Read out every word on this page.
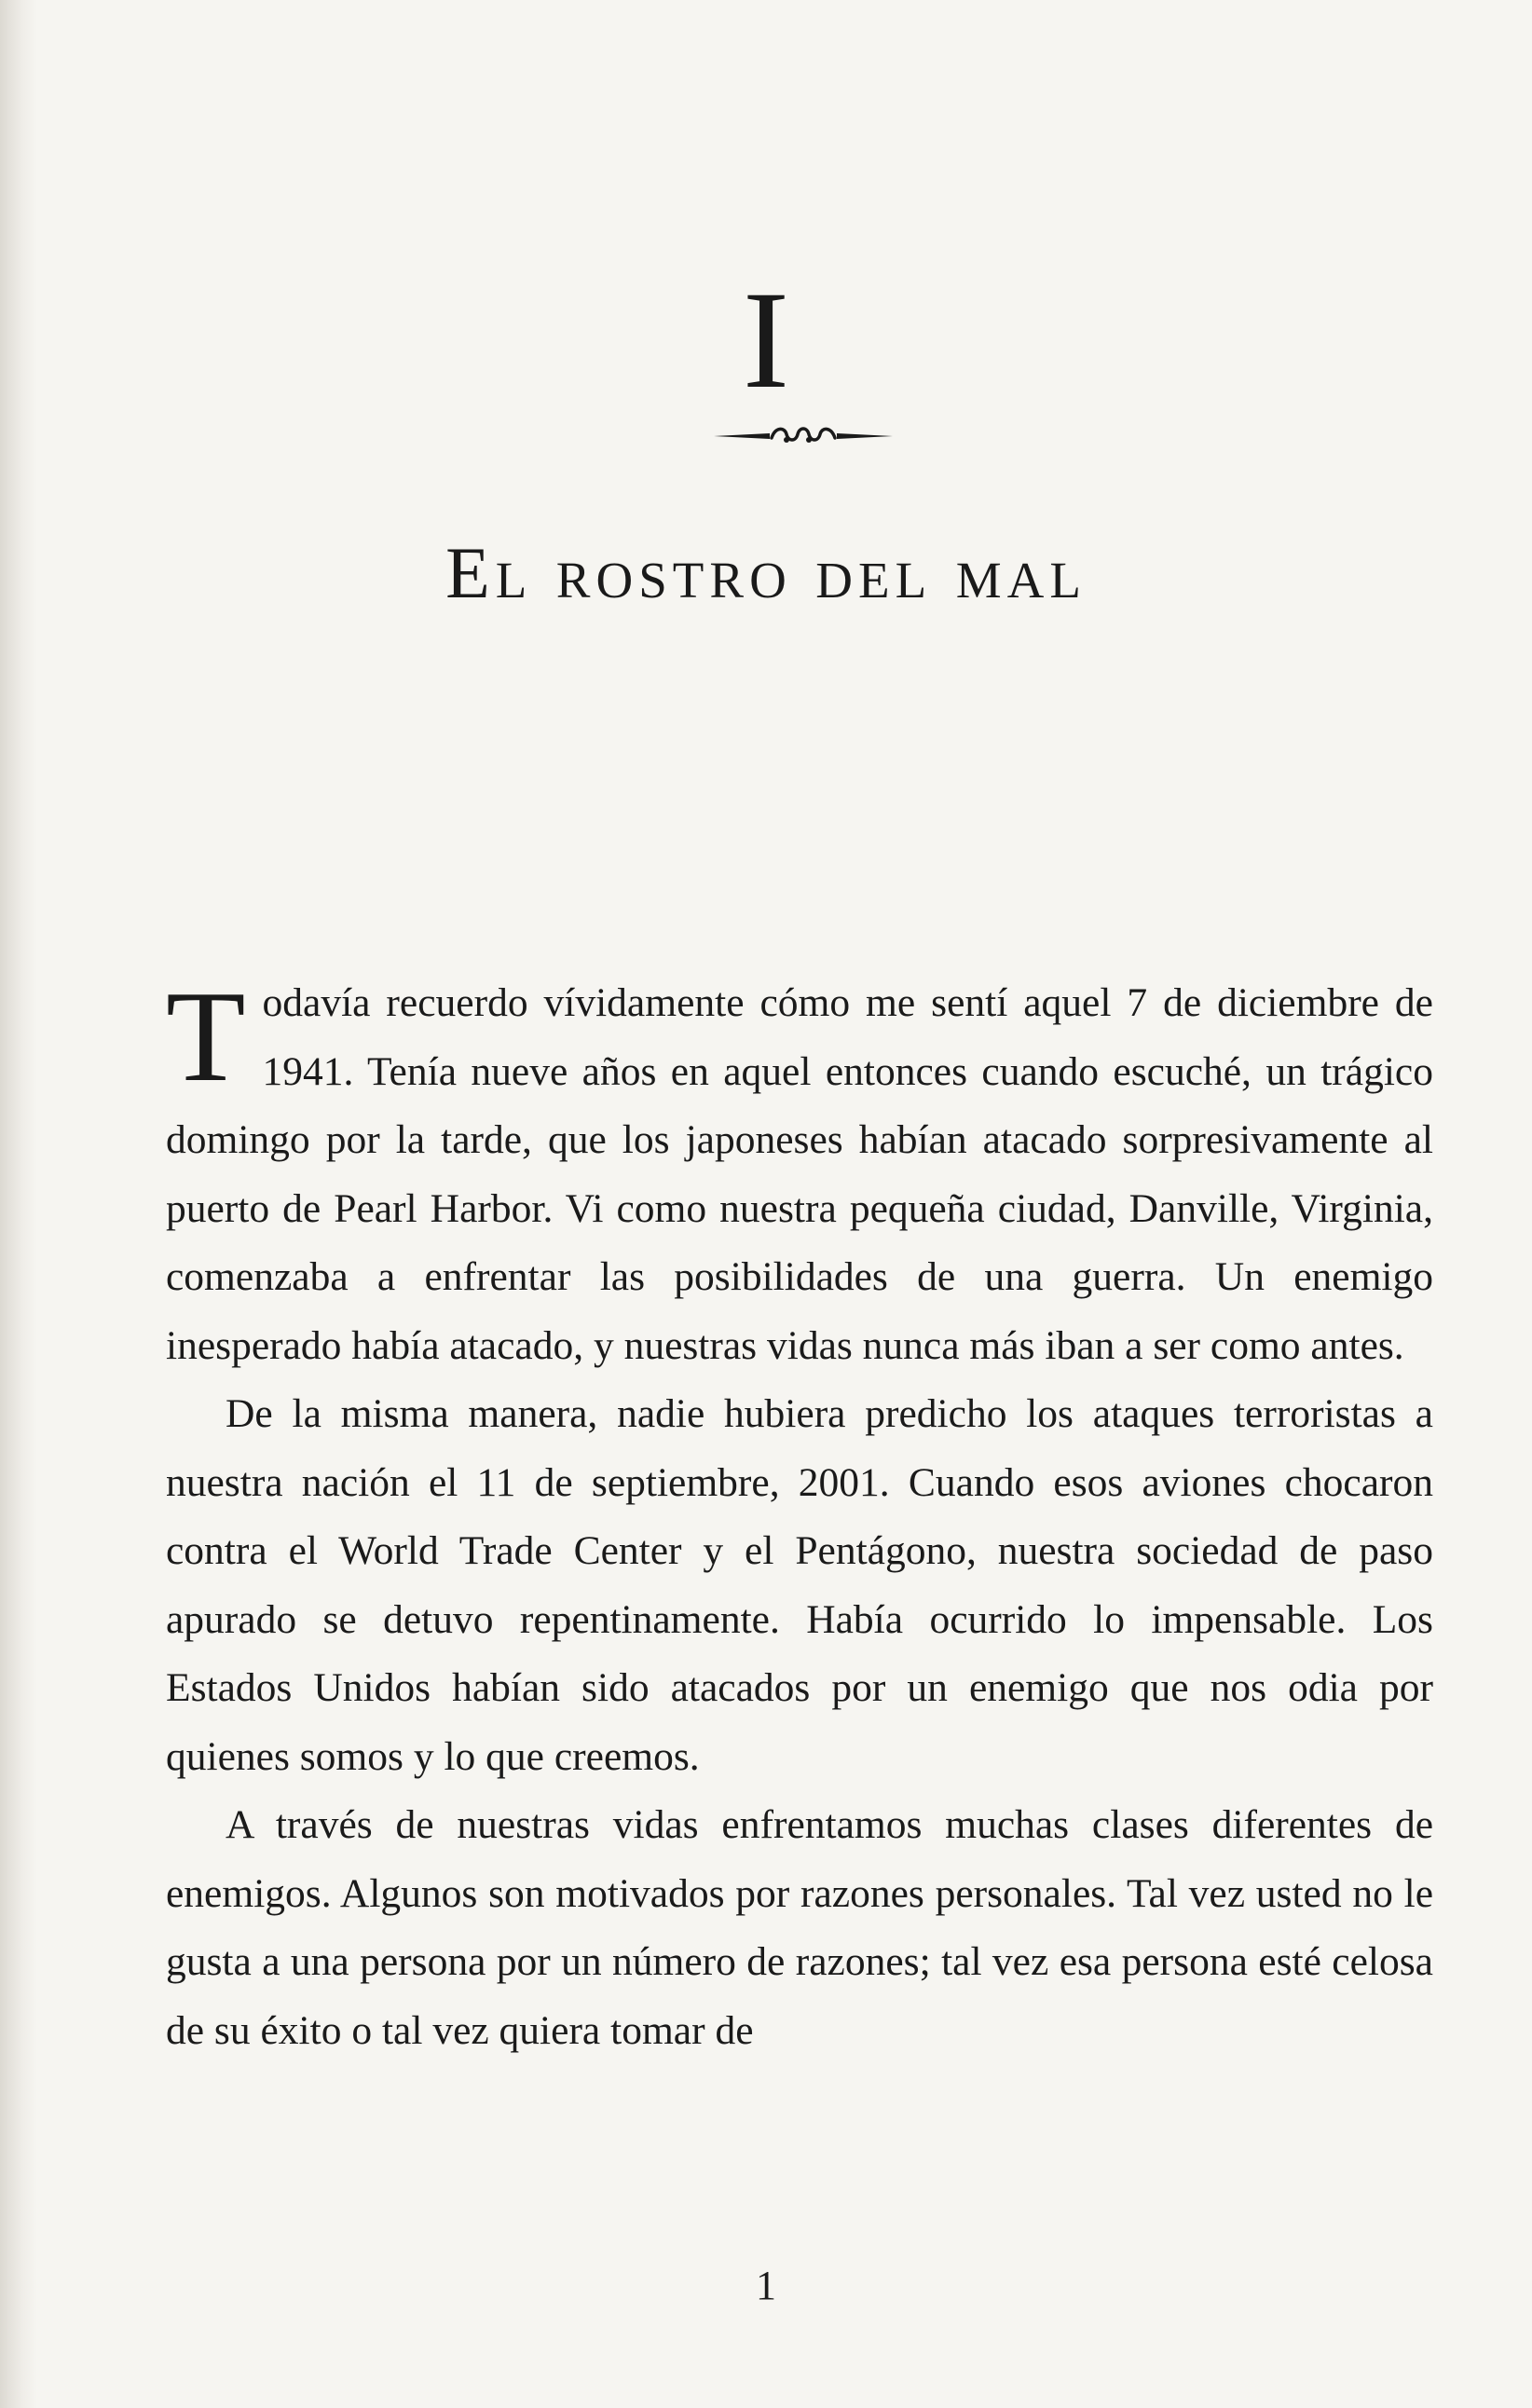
I
El rostro del mal

Todavía recuerdo vívidamente cómo me sentí aquel 7 de diciembre de 1941. Tenía nueve años en aquel entonces cuando escuché, un trágico domingo por la tarde, que los japoneses habían atacado sorpresivamente al puerto de Pearl Harbor. Vi como nuestra pequeña ciudad, Danville, Virginia, comenzaba a enfrentar las posibilidades de una guerra. Un enemigo inesperado había atacado, y nuestras vidas nunca más iban a ser como antes.

De la misma manera, nadie hubiera predicho los ataques terroristas a nuestra nación el 11 de septiembre, 2001. Cuando esos aviones chocaron contra el World Trade Center y el Pentágono, nuestra sociedad de paso apurado se detuvo repentinamente. Había ocurrido lo impensable. Los Estados Unidos habían sido atacados por un enemigo que nos odia por quienes somos y lo que creemos.

A través de nuestras vidas enfrentamos muchas clases diferentes de enemigos. Algunos son motivados por razones personales. Tal vez usted no le gusta a una persona por un número de razones; tal vez esa persona esté celosa de su éxito o tal vez quiera tomar de

1
